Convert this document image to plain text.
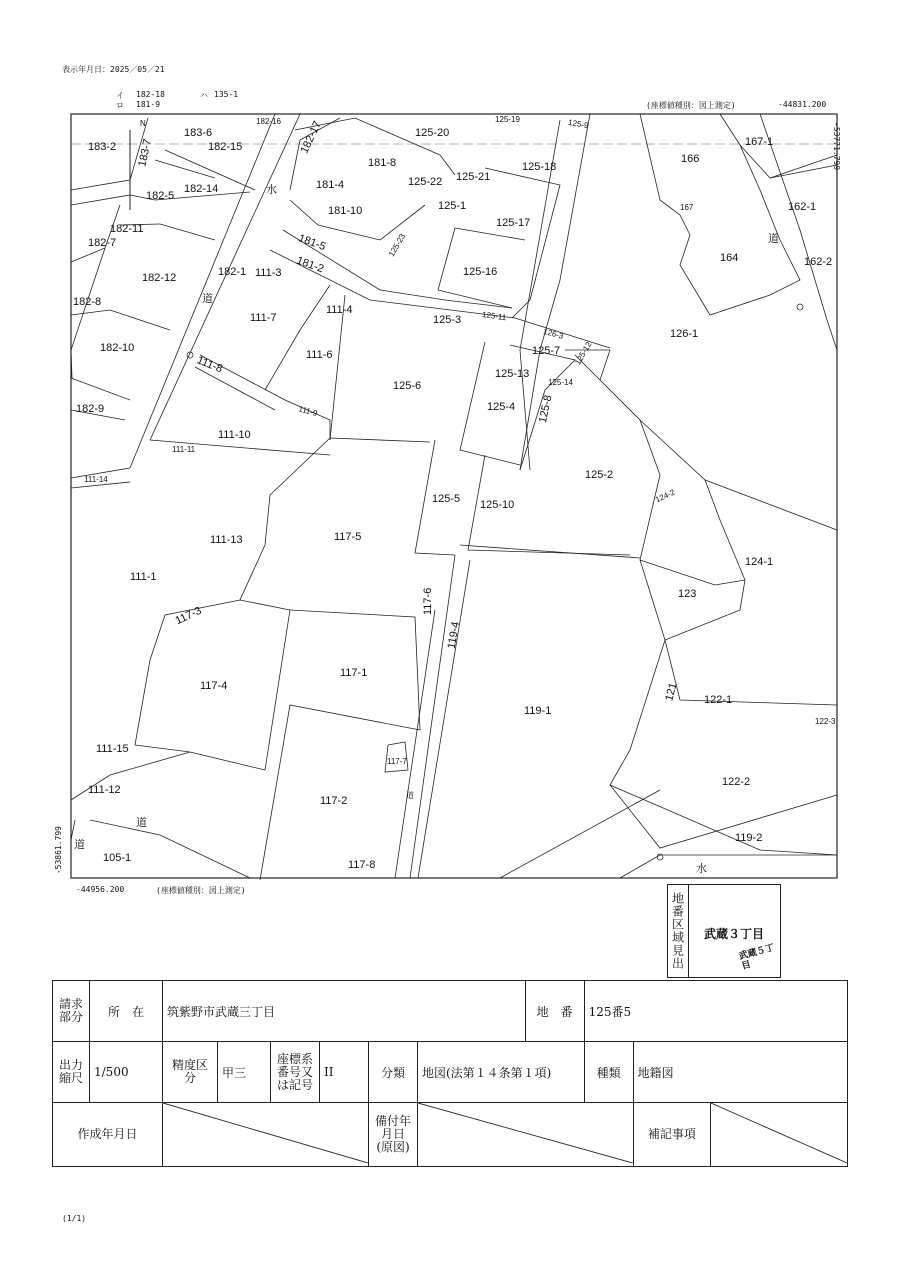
表示年月日：2025／05／21
イ 182-18
ロ 181-9
ハ 135-1
(座標値種別：図上測定)	-44831.200
-53771.799
-53861.799
-44956.200	(座標値種別：図上測定)
183-2 183-7
183-6
182-16 182-17
182-15
182-5
182-14
182-11
182-7
182-12	182-1
182-8
182-10
182-9
181-8
181-4
181-10
181-5
181-2
125-23
125-20
125-22 125-21
125-1
125-18
125-17
125-16
125-3	125-11
126-3
125-7
125-13
125-14
125-4 125-8
125-6
125-5 125-10
125-2
124-2
124-1
123
121 122-1
122-2
122-3
119-1
119-2
119-4
117-5
117-6
117-1
117-4
117-3
117-2
117-7
117-8
111-3
111-7
111-4
111-6
111-8
111-9
111-10
111-11
111-13
111-1
111-14
111-15
111-12
105-1
166
167-1
162-1
162-2
164
126-1
125-12
125-19
167
125-9
道
道
道
道
道
水
水
N
地番区域見出	武蔵３丁目
武蔵５丁目
請求部分	所　在	筑紫野市武蔵三丁目						地　番	125番5		
出力縮尺	1/500	精度区分	甲三	座標系番号又は記号	II	分類	地図(法第１４条第１項)		種類	地籍図	
作成年月日						備付年月日(原図)				補記事項	
(1/1)
